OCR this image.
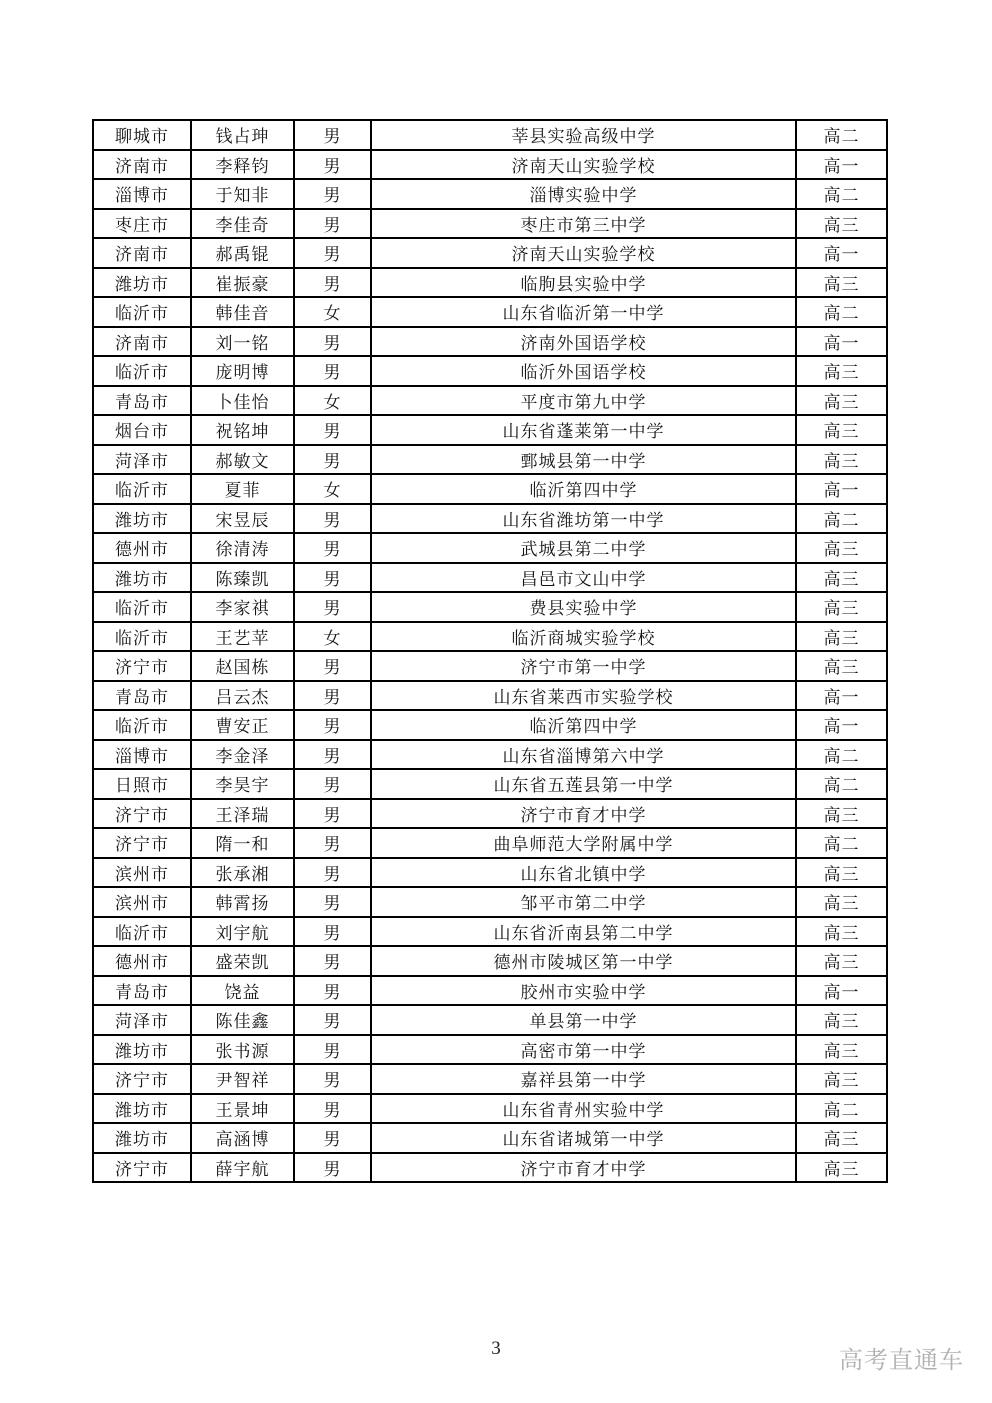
聊城市	钱占珅	男	莘县实验高级中学	高二
济南市	李释钧	男	济南天山实验学校	高一
淄博市	于知非	男	淄博实验中学	高二
枣庄市	李佳奇	男	枣庄市第三中学	高三
济南市	郝禹锟	男	济南天山实验学校	高一
潍坊市	崔振豪	男	临朐县实验中学	高三
临沂市	韩佳音	女	山东省临沂第一中学	高二
济南市	刘一铭	男	济南外国语学校	高一
临沂市	庞明博	男	临沂外国语学校	高三
青岛市	卜佳怡	女	平度市第九中学	高三
烟台市	祝铭坤	男	山东省蓬莱第一中学	高三
菏泽市	郝敏文	男	鄄城县第一中学	高三
临沂市	夏菲	女	临沂第四中学	高一
潍坊市	宋昱辰	男	山东省潍坊第一中学	高二
德州市	徐清涛	男	武城县第二中学	高三
潍坊市	陈臻凯	男	昌邑市文山中学	高三
临沂市	李家祺	男	费县实验中学	高三
临沂市	王艺苹	女	临沂商城实验学校	高三
济宁市	赵国栋	男	济宁市第一中学	高三
青岛市	吕云杰	男	山东省莱西市实验学校	高一
临沂市	曹安正	男	临沂第四中学	高一
淄博市	李金泽	男	山东省淄博第六中学	高二
日照市	李昊宇	男	山东省五莲县第一中学	高二
济宁市	王泽瑞	男	济宁市育才中学	高三
济宁市	隋一和	男	曲阜师范大学附属中学	高二
滨州市	张承湘	男	山东省北镇中学	高三
滨州市	韩霄扬	男	邹平市第二中学	高三
临沂市	刘宇航	男	山东省沂南县第二中学	高三
德州市	盛荣凯	男	德州市陵城区第一中学	高三
青岛市	饶益	男	胶州市实验中学	高一
菏泽市	陈佳鑫	男	单县第一中学	高三
潍坊市	张书源	男	高密市第一中学	高三
济宁市	尹智祥	男	嘉祥县第一中学	高三
潍坊市	王景坤	男	山东省青州实验中学	高二
潍坊市	高涵博	男	山东省诸城第一中学	高三
济宁市	薛宇航	男	济宁市育才中学	高三
3	高考直通车
